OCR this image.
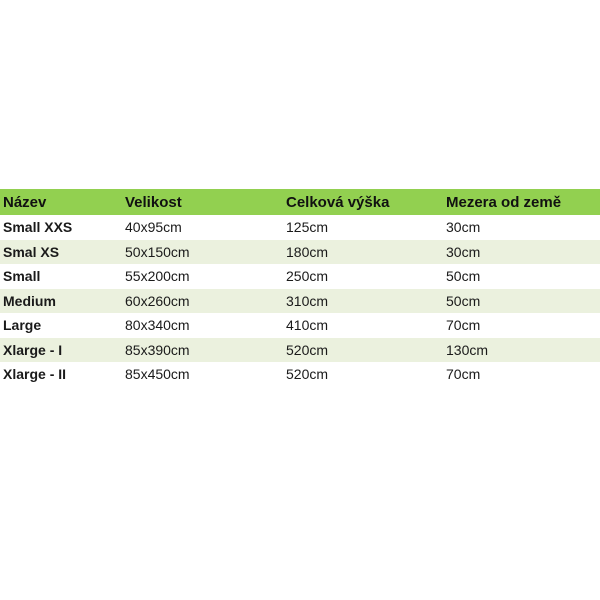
Název	Velikost	Celková výška	Mezera od země
Small XXS	40x95cm	125cm	30cm
Smal XS	50x150cm	180cm	30cm
Small	55x200cm	250cm	50cm
Medium	60x260cm	310cm	50cm
Large	80x340cm	410cm	70cm
Xlarge - I	85x390cm	520cm	130cm
Xlarge - II	85x450cm	520cm	70cm
